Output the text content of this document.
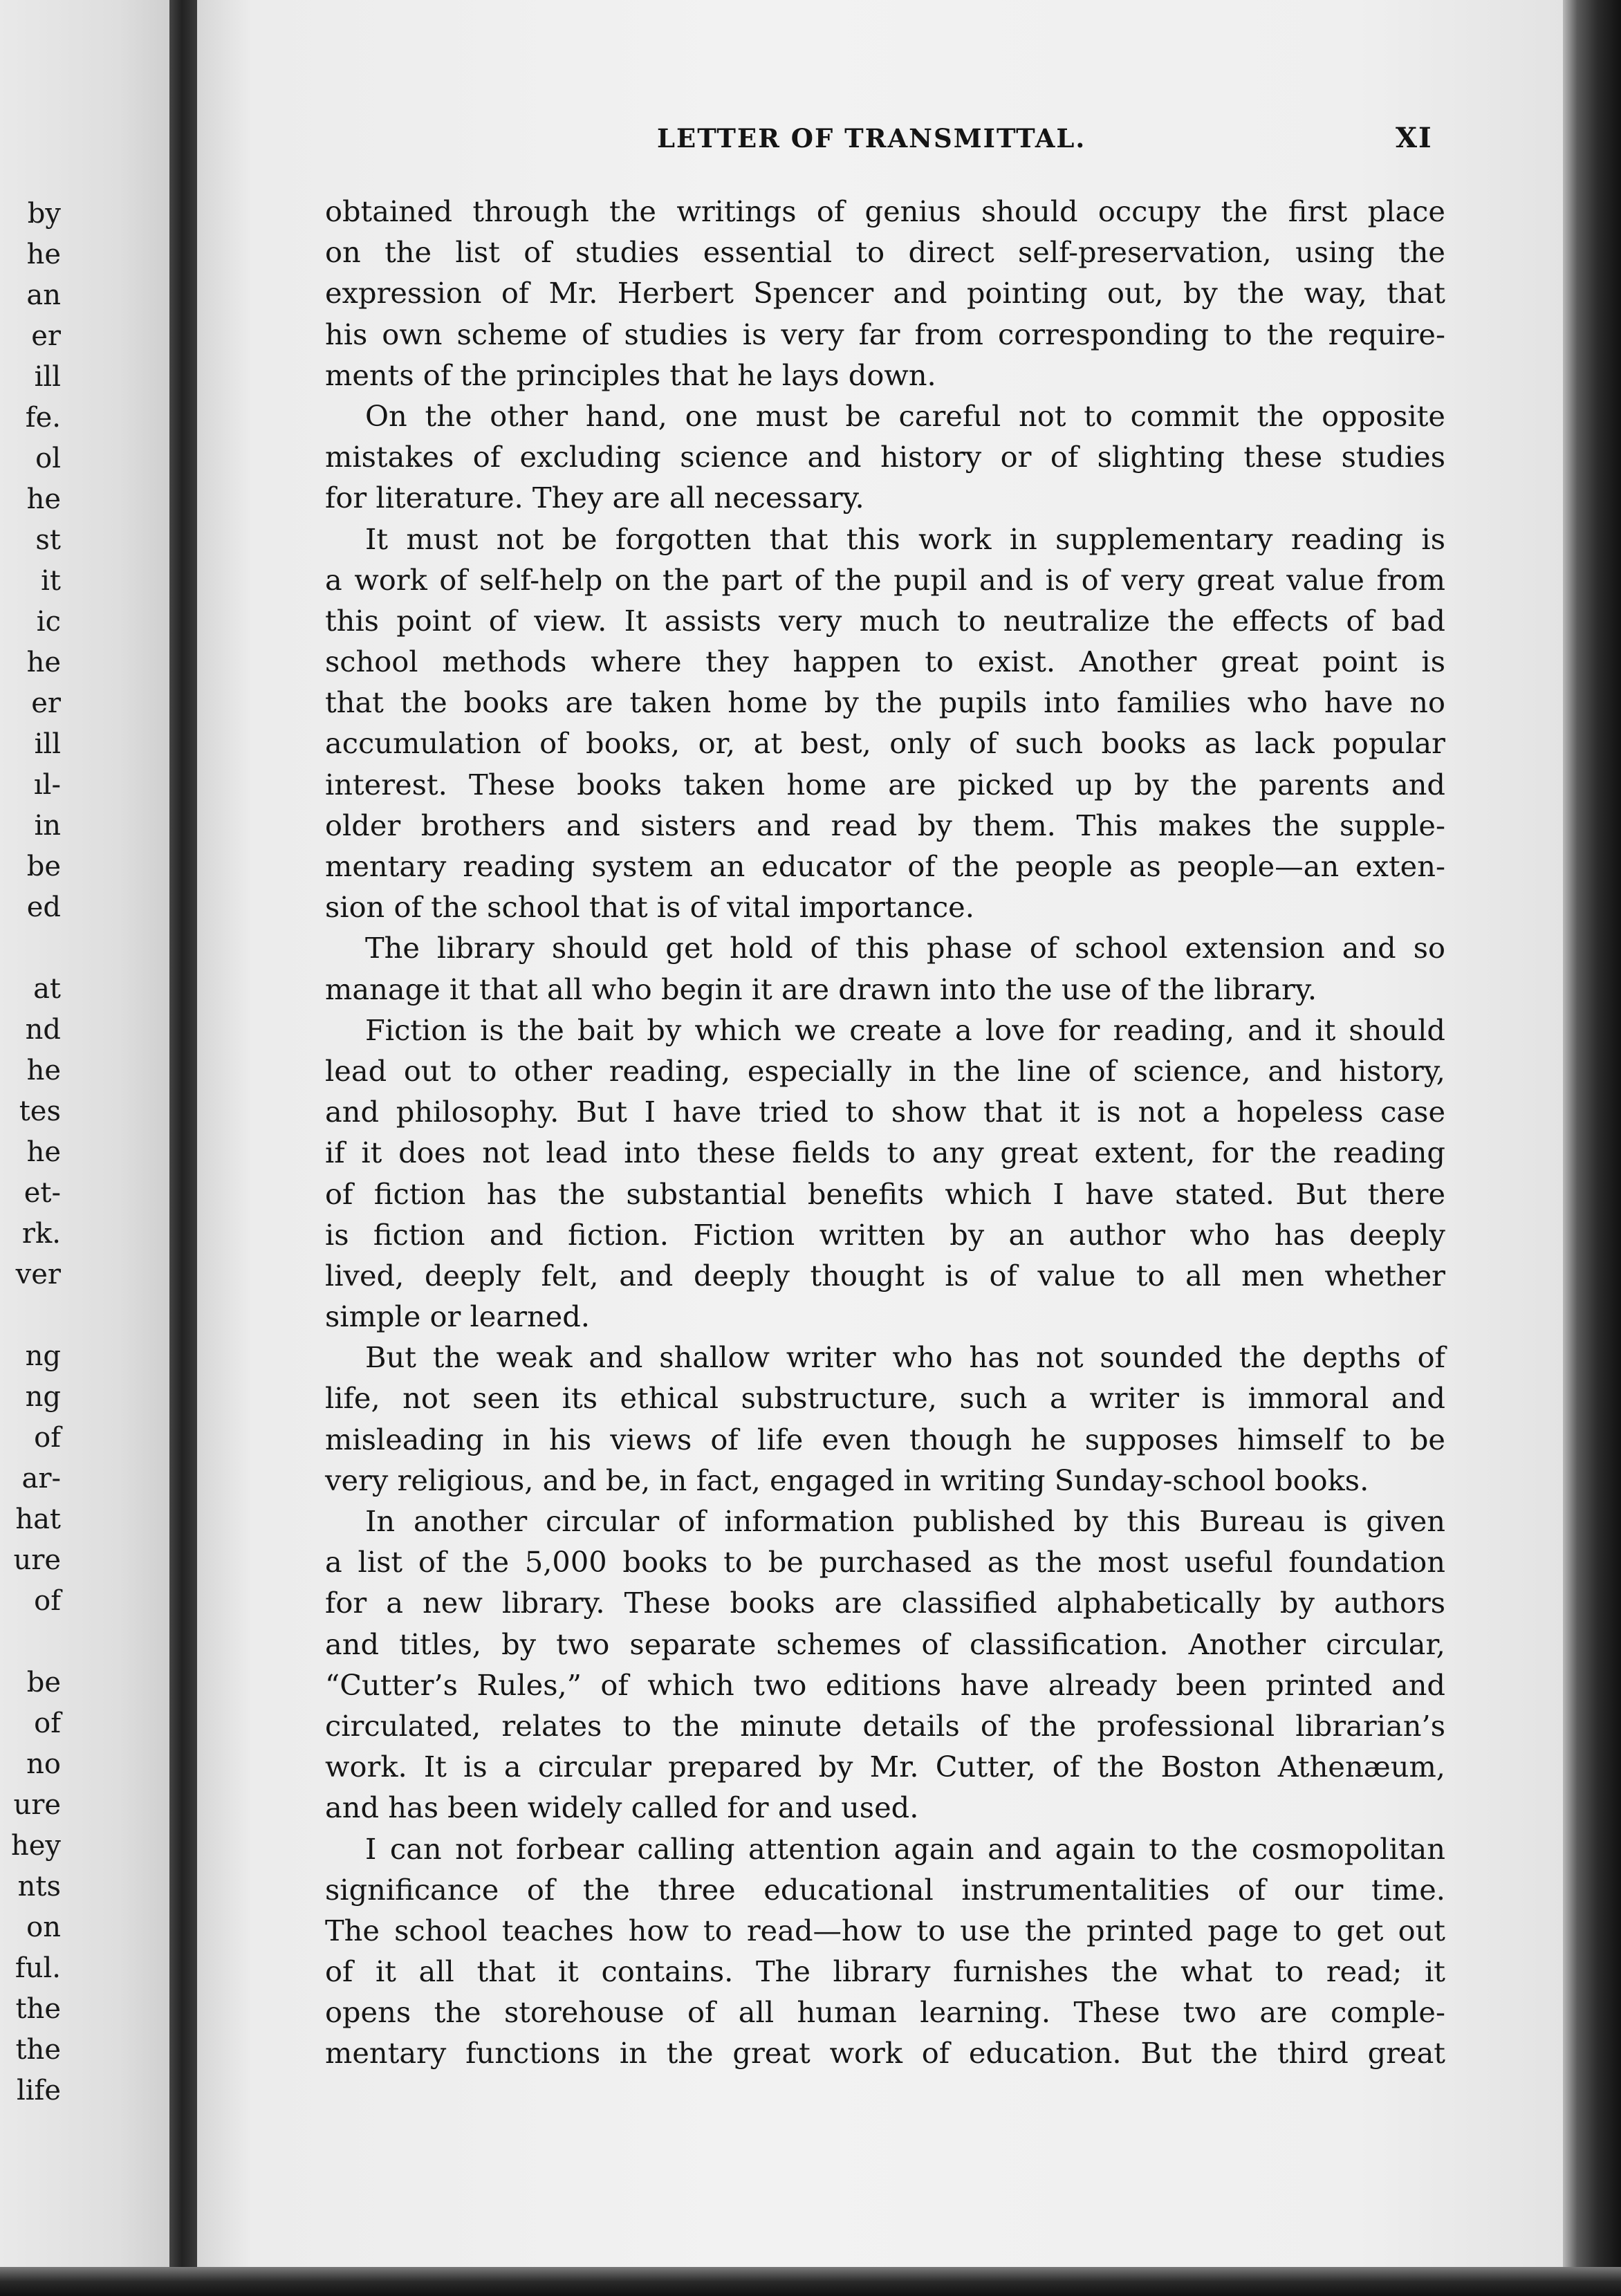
by
he
an
er
ill
fe.
ol
he
st
it
ic
he
er
ill
ıl-
in
be
ed
at
nd
he
tes
he
et-
rk.
ver
ng
ng
of
ar-
hat
ure
of
be
of
no
ure
hey
nts
on
ful.
the
the
life
LETTER OF TRANSMITTAL.	XI
obtained through the writings of genius should occupy the first place
on the list of studies essential to direct self-preservation, using the
expression of Mr. Herbert Spencer and pointing out, by the way, that
his own scheme of studies is very far from corresponding to the require-
ments of the principles that he lays down.
On the other hand, one must be careful not to commit the opposite
mistakes of excluding science and history or of slighting these studies
for literature. They are all necessary.
It must not be forgotten that this work in supplementary reading is
a work of self-help on the part of the pupil and is of very great value from
this point of view. It assists very much to neutralize the effects of bad
school methods where they happen to exist. Another great point is
that the books are taken home by the pupils into families who have no
accumulation of books, or, at best, only of such books as lack popular
interest. These books taken home are picked up by the parents and
older brothers and sisters and read by them. This makes the supple-
mentary reading system an educator of the people as people—an exten-
sion of the school that is of vital importance.
The library should get hold of this phase of school extension and so
manage it that all who begin it are drawn into the use of the library.
Fiction is the bait by which we create a love for reading, and it should
lead out to other reading, especially in the line of science, and history,
and philosophy. But I have tried to show that it is not a hopeless case
if it does not lead into these fields to any great extent, for the reading
of fiction has the substantial benefits which I have stated. But there
is fiction and fiction. Fiction written by an author who has deeply
lived, deeply felt, and deeply thought is of value to all men whether
simple or learned.
But the weak and shallow writer who has not sounded the depths of
life, not seen its ethical substructure, such a writer is immoral and
misleading in his views of life even though he supposes himself to be
very religious, and be, in fact, engaged in writing Sunday-school books.
In another circular of information published by this Bureau is given
a list of the 5,000 books to be purchased as the most useful foundation
for a new library. These books are classified alphabetically by authors
and titles, by two separate schemes of classification. Another circular,
“Cutter’s Rules,” of which two editions have already been printed and
circulated, relates to the minute details of the professional librarian’s
work. It is a circular prepared by Mr. Cutter, of the Boston Athenæum,
and has been widely called for and used.
I can not forbear calling attention again and again to the cosmopolitan
significance of the three educational instrumentalities of our time.
The school teaches how to read—how to use the printed page to get out
of it all that it contains. The library furnishes the what to read; it
opens the storehouse of all human learning. These two are comple-
mentary functions in the great work of education. But the third great
